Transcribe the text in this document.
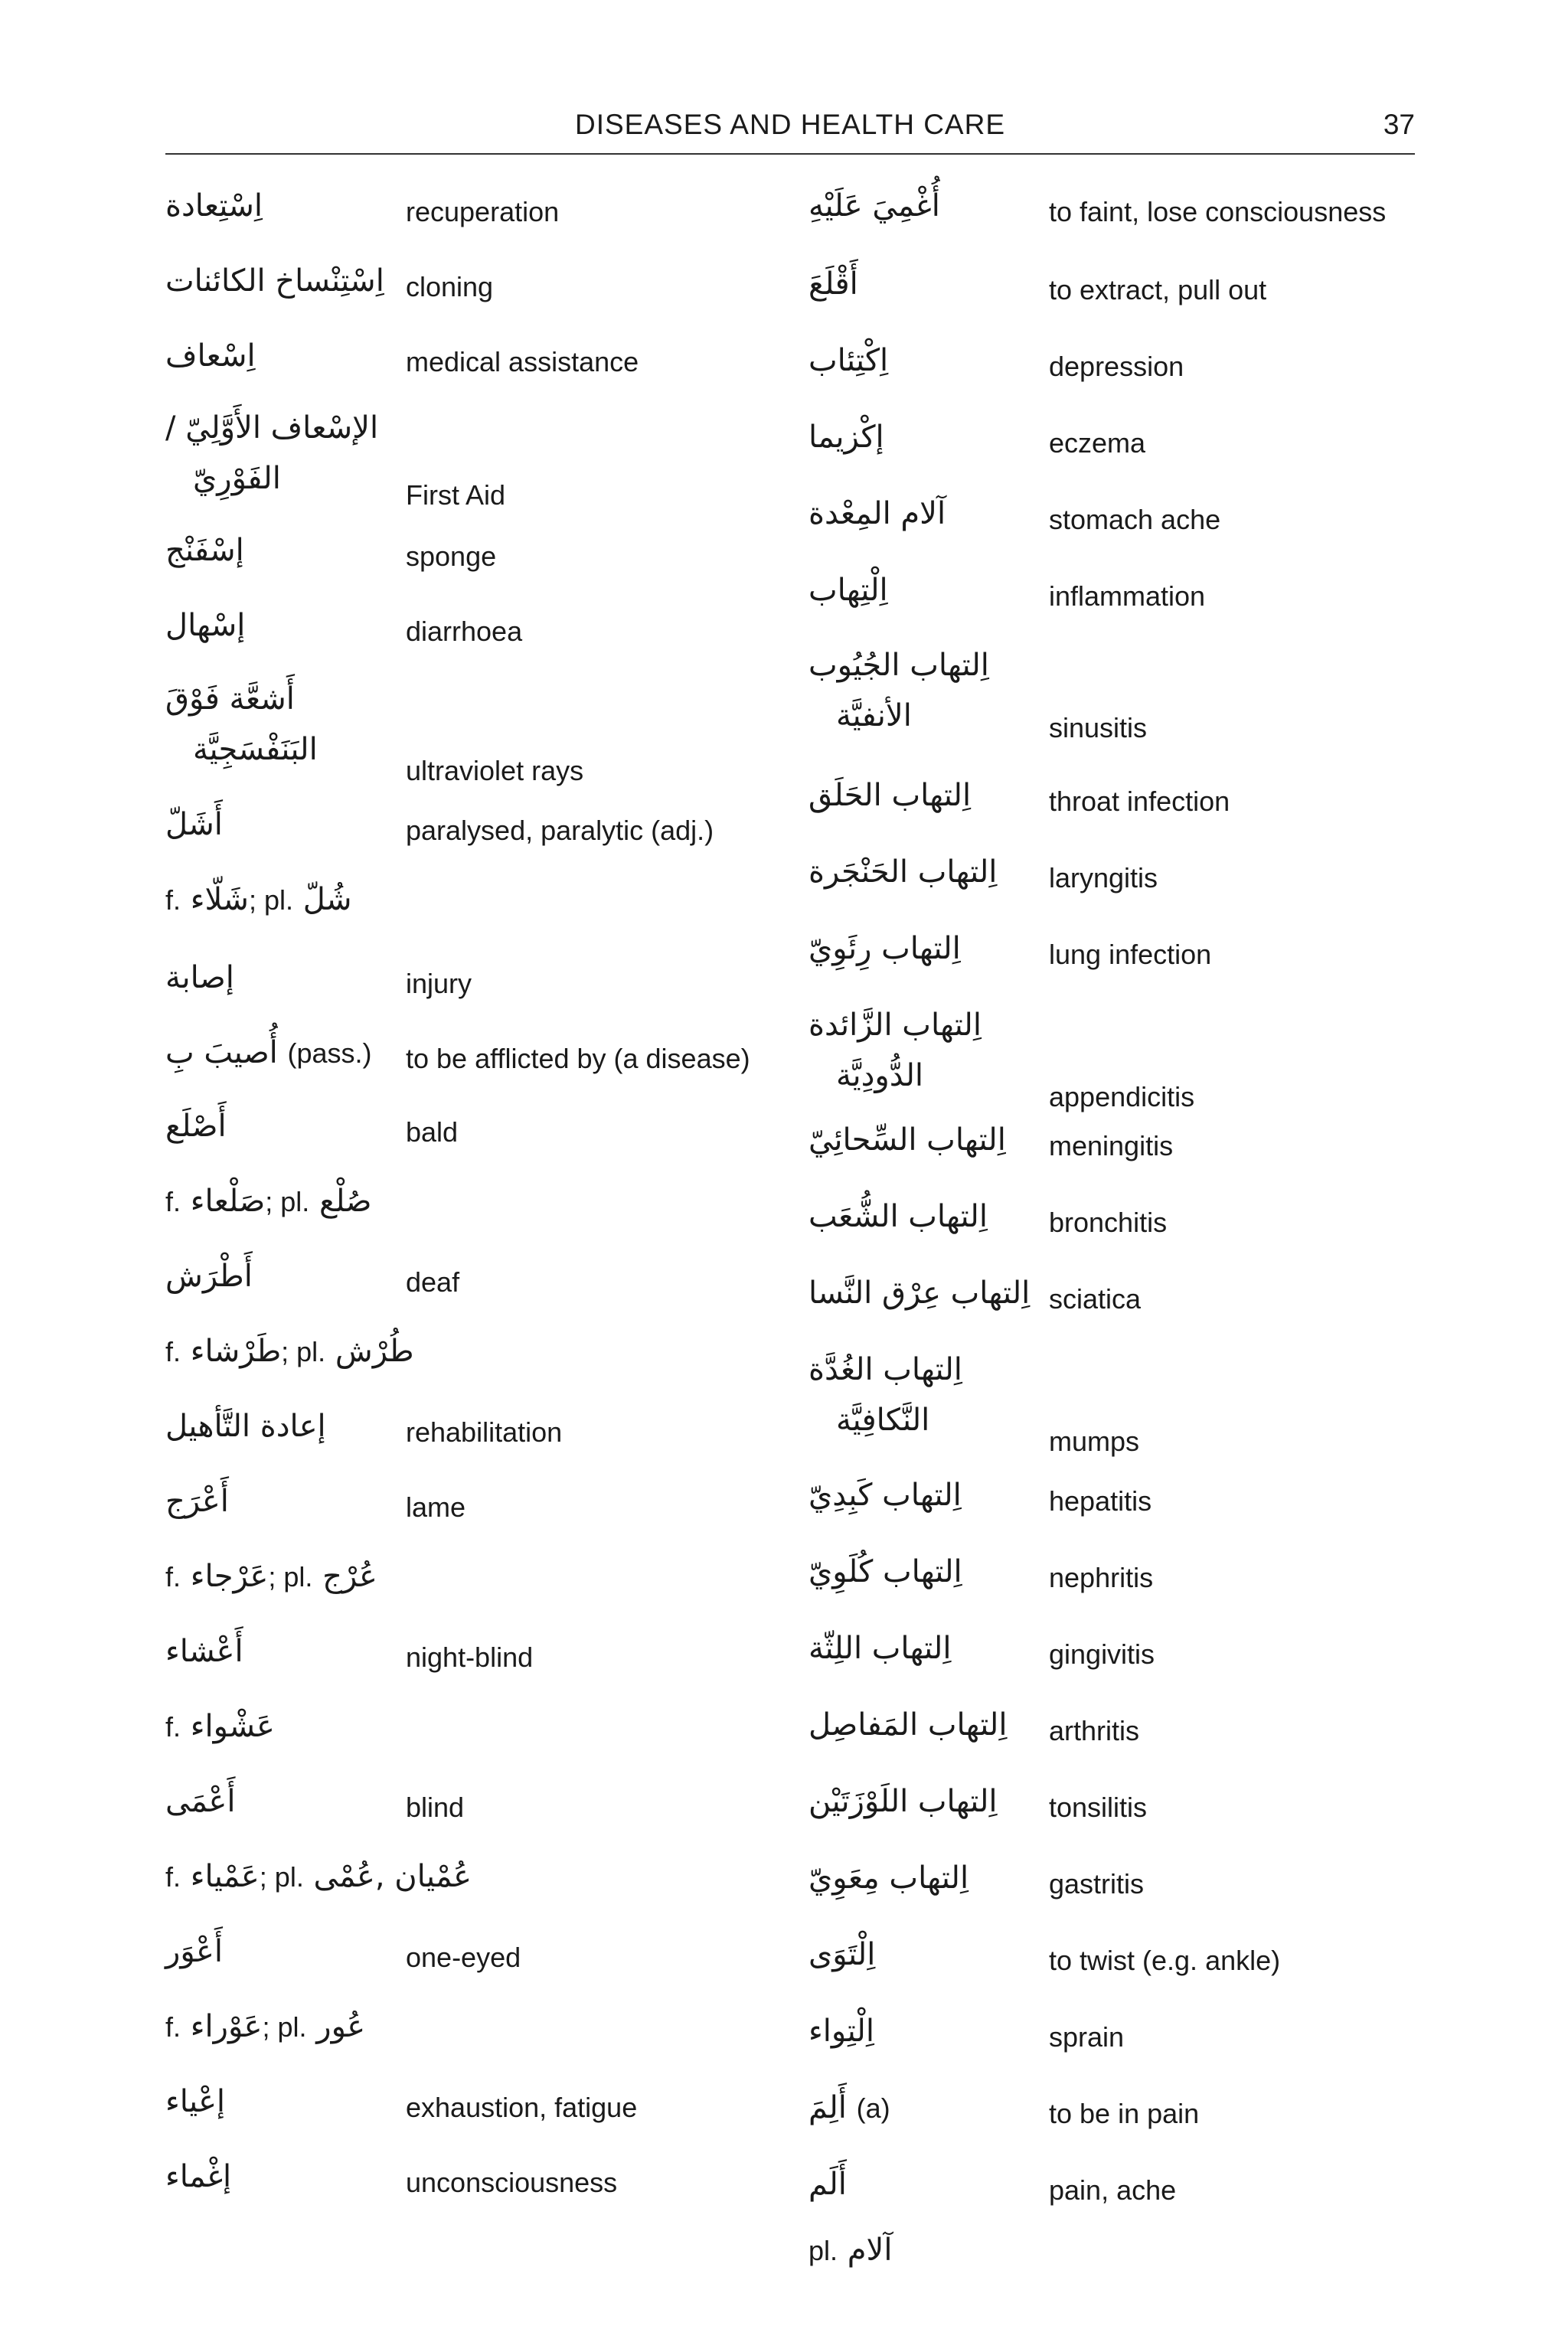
DISEASES AND HEALTH CARE	37
اِسْتِعادة	recuperation
اِسْتِنْساخ الكائنات cloning
اِسْعاف	medical assistance
الإسْعاف الأَوَّلِيّ /
الفَوْرِيّ	First Aid
إسْفَنْج	sponge
إسْهال	diarrhoea
أَشعَّة فَوْقَ
البَنَفْسَجِيَّة
ultraviolet rays
أَشَلّ	paralysed, paralytic (adj.)
f. شَلّاء; pl. شُلّ
إصابة	injury
أُصيبَ بِ (pass.) to be afflicted by (a disease)
أَصْلَع	bald
f. صَلْعاء; pl. صُلْع
أَطْرَش	deaf
f. طَرْشاء; pl. طُرْش
إعادة التَّأهيل	rehabilitation
أَعْرَج	lame
f. عَرْجاء; pl. عُرْج
أَعْشاء	night-blind
f. عَشْواء
أَعْمَى	blind
f. عَمْياء; pl. عُمْيان ,عُمْى
أَعْوَر	one-eyed
f. عَوْراء; pl. عُور
إعْياء	exhaustion, fatigue
إغْماء	unconsciousness
أُغْمِيَ عَلَيْهِ	to faint, lose consciousness
أَقْلَعَ	to extract, pull out
اِكْتِئاب	depression
إكْزيما	eczema
آلام المِعْدة	stomach ache
اِلْتِهاب	inflammation
اِلتهاب الجُيُوب
الأنفيَّة	sinusitis
اِلتهاب الحَلَق	throat infection
اِلتهاب الحَنْجَرة laryngitis
اِلتهاب رِئَوِيّ	lung infection
اِلتهاب الزَّائدة
الدُّودِيَّة
appendicitis
اِلتهاب السِّحائِيّ meningitis
اِلتهاب الشُّعَب bronchitis
اِلتهاب عِرْق النَّسا sciatica
اِلتهاب الغُدَّة
النَّكافِيَّة
mumps
اِلتهاب كَبِدِيّ	hepatitis
اِلتهاب كُلَوِيّ	nephritis
اِلتهاب اللِثّة	gingivitis
اِلتهاب المَفاصِل arthritis
اِلتهاب اللَوْزَتَيْن tonsilitis
اِلتهاب مِعَوِيّ	gastritis
اِلْتَوَى	to twist (e.g. ankle)
اِلْتِواء	sprain
أَلِمَ (a)	to be in pain
أَلَم	pain, ache
pl. آلام
